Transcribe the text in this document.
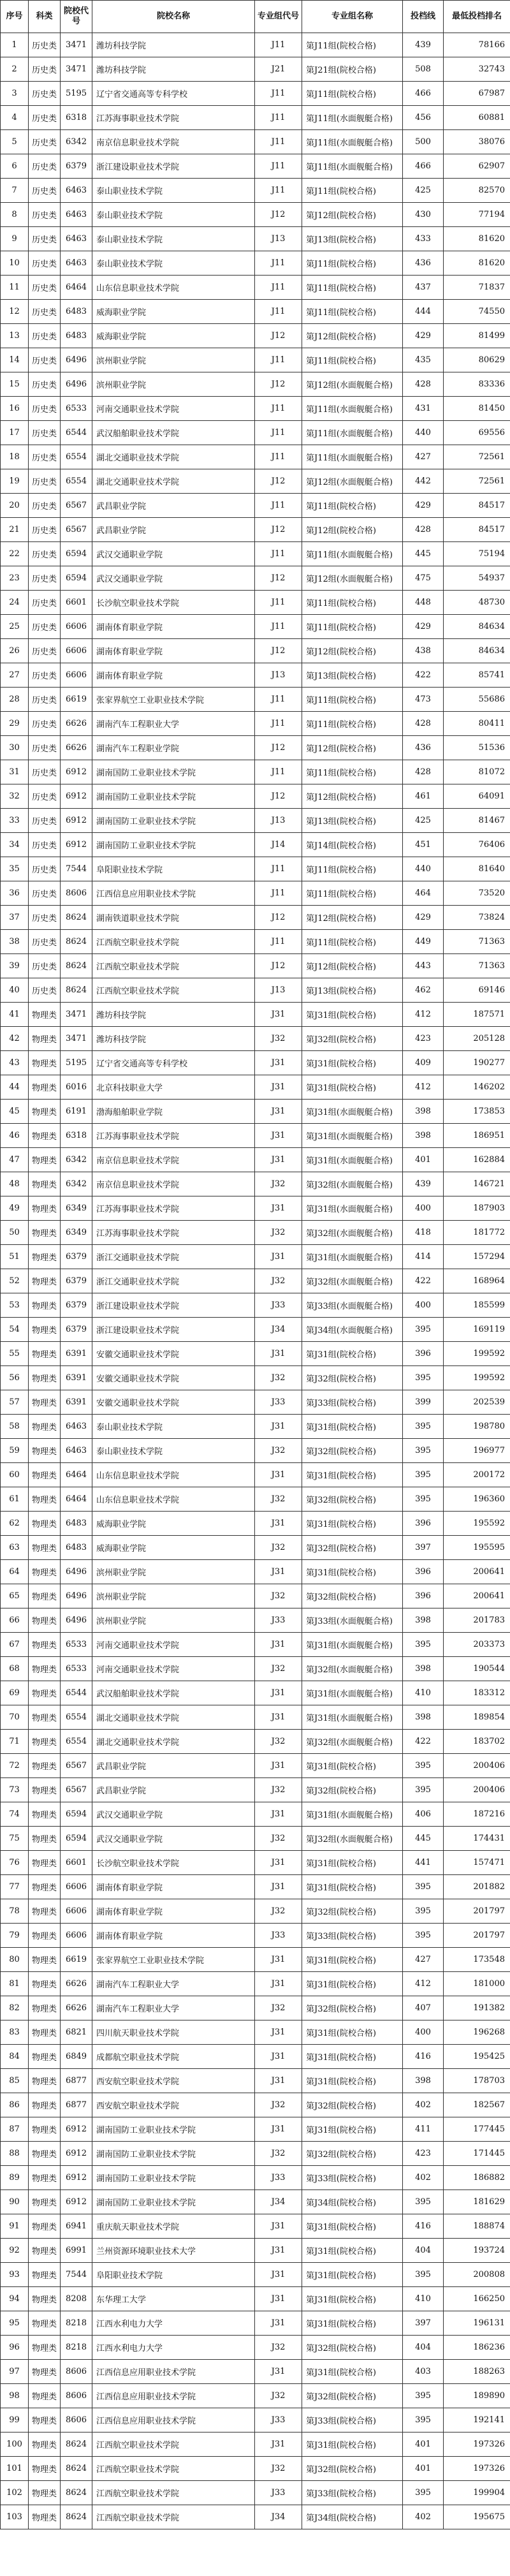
序号	科类	院校代号	院校名称	专业组代号	专业组名称	投档线	最低投档排名
1	历史类	3471	潍坊科技学院	J11	第J11组(院校合格)	439	78166
2	历史类	3471	潍坊科技学院	J21	第J21组(院校合格)	508	32743
3	历史类	5195	辽宁省交通高等专科学校	J11	第J11组(院校合格)	466	67987
4	历史类	6318	江苏海事职业技术学院	J11	第J11组(水面舰艇合格)	456	60881
5	历史类	6342	南京信息职业技术学院	J11	第J11组(水面舰艇合格)	500	38076
6	历史类	6379	浙江建设职业技术学院	J11	第J11组(水面舰艇合格)	466	62907
7	历史类	6463	泰山职业技术学院	J11	第J11组(院校合格)	425	82570
8	历史类	6463	泰山职业技术学院	J12	第J12组(院校合格)	430	77194
9	历史类	6463	泰山职业技术学院	J13	第J13组(院校合格)	433	81620
10	历史类	6463	泰山职业技术学院	J11	第J11组(院校合格)	436	81620
11	历史类	6464	山东信息职业技术学院	J11	第J11组(院校合格)	437	71837
12	历史类	6483	威海职业学院	J11	第J11组(院校合格)	444	74550
13	历史类	6483	威海职业学院	J12	第J12组(院校合格)	429	81499
14	历史类	6496	滨州职业学院	J11	第J11组(院校合格)	435	80629
15	历史类	6496	滨州职业学院	J12	第J12组(水面舰艇合格)	428	83336
16	历史类	6533	河南交通职业技术学院	J11	第J11组(水面舰艇合格)	431	81450
17	历史类	6544	武汉船舶职业技术学院	J11	第J11组(水面舰艇合格)	440	69556
18	历史类	6554	湖北交通职业技术学院	J11	第J11组(水面舰艇合格)	427	72561
19	历史类	6554	湖北交通职业技术学院	J12	第J12组(水面舰艇合格)	442	72561
20	历史类	6567	武昌职业学院	J11	第J11组(院校合格)	429	84517
21	历史类	6567	武昌职业学院	J12	第J12组(院校合格)	428	84517
22	历史类	6594	武汉交通职业学院	J11	第J11组(水面舰艇合格)	445	75194
23	历史类	6594	武汉交通职业学院	J12	第J12组(水面舰艇合格)	475	54937
24	历史类	6601	长沙航空职业技术学院	J11	第J11组(院校合格)	448	48730
25	历史类	6606	湖南体育职业学院	J11	第J11组(院校合格)	429	84634
26	历史类	6606	湖南体育职业学院	J12	第J12组(院校合格)	438	84634
27	历史类	6606	湖南体育职业学院	J13	第J13组(院校合格)	422	85741
28	历史类	6619	张家界航空工业职业技术学院	J11	第J11组(院校合格)	473	55686
29	历史类	6626	湖南汽车工程职业大学	J11	第J11组(院校合格)	428	80411
30	历史类	6626	湖南汽车工程职业学院	J12	第J12组(院校合格)	436	51536
31	历史类	6912	湖南国防工业职业技术学院	J11	第J11组(院校合格)	428	81072
32	历史类	6912	湖南国防工业职业技术学院	J12	第J12组(院校合格)	461	64091
33	历史类	6912	湖南国防工业职业技术学院	J13	第J13组(院校合格)	425	81467
34	历史类	6912	湖南国防工业职业技术学院	J14	第J14组(院校合格)	451	76406
35	历史类	7544	阜阳职业技术学院	J11	第J11组(院校合格)	440	81640
36	历史类	8606	江西信息应用职业技术学院	J11	第J11组(院校合格)	464	73520
37	历史类	8624	湖南铁道职业技术学院	J12	第J12组(院校合格)	429	73824
38	历史类	8624	江西航空职业技术学院	J11	第J11组(院校合格)	449	71363
39	历史类	8624	江西航空职业技术学院	J12	第J12组(院校合格)	443	71363
40	历史类	8624	江西航空职业技术学院	J13	第J13组(院校合格)	462	69146
41	物理类	3471	潍坊科技学院	J31	第J31组(院校合格)	412	187571
42	物理类	3471	潍坊科技学院	J32	第J32组(院校合格)	423	205128
43	物理类	5195	辽宁省交通高等专科学校	J31	第J31组(院校合格)	409	190277
44	物理类	6016	北京科技职业大学	J31	第J31组(院校合格)	412	146202
45	物理类	6191	渤海船舶职业学院	J31	第J31组(水面舰艇合格)	398	173853
46	物理类	6318	江苏海事职业技术学院	J31	第J31组(水面舰艇合格)	398	186951
47	物理类	6342	南京信息职业技术学院	J31	第J31组(水面舰艇合格)	401	162884
48	物理类	6342	南京信息职业技术学院	J32	第J32组(水面舰艇合格)	439	146721
49	物理类	6349	江苏海事职业技术学院	J31	第J31组(水面舰艇合格)	400	187903
50	物理类	6349	江苏海事职业技术学院	J32	第J32组(水面舰艇合格)	418	181772
51	物理类	6379	浙江交通职业技术学院	J31	第J31组(水面舰艇合格)	414	157294
52	物理类	6379	浙江交通职业技术学院	J32	第J32组(水面舰艇合格)	422	168964
53	物理类	6379	浙江建设职业技术学院	J33	第J33组(水面舰艇合格)	400	185599
54	物理类	6379	浙江建设职业技术学院	J34	第J34组(水面舰艇合格)	395	169119
55	物理类	6391	安徽交通职业技术学院	J31	第J31组(院校合格)	396	199592
56	物理类	6391	安徽交通职业技术学院	J32	第J32组(院校合格)	395	199592
57	物理类	6391	安徽交通职业技术学院	J33	第J33组(院校合格)	399	202539
58	物理类	6463	泰山职业技术学院	J31	第J31组(院校合格)	395	198780
59	物理类	6463	泰山职业技术学院	J32	第J32组(院校合格)	395	196977
60	物理类	6464	山东信息职业技术学院	J31	第J31组(院校合格)	395	200172
61	物理类	6464	山东信息职业技术学院	J32	第J32组(院校合格)	395	196360
62	物理类	6483	威海职业学院	J31	第J31组(院校合格)	396	195592
63	物理类	6483	威海职业学院	J32	第J32组(院校合格)	397	195595
64	物理类	6496	滨州职业学院	J31	第J31组(院校合格)	396	200641
65	物理类	6496	滨州职业学院	J32	第J32组(院校合格)	396	200641
66	物理类	6496	滨州职业学院	J33	第J33组(水面舰艇合格)	398	201783
67	物理类	6533	河南交通职业技术学院	J31	第J31组(水面舰艇合格)	395	203373
68	物理类	6533	河南交通职业技术学院	J32	第J32组(水面舰艇合格)	398	190544
69	物理类	6544	武汉船舶职业技术学院	J31	第J31组(水面舰艇合格)	410	183312
70	物理类	6554	湖北交通职业技术学院	J31	第J31组(水面舰艇合格)	398	189854
71	物理类	6554	湖北交通职业技术学院	J32	第J32组(水面舰艇合格)	422	183702
72	物理类	6567	武昌职业学院	J31	第J31组(院校合格)	395	200406
73	物理类	6567	武昌职业学院	J32	第J32组(院校合格)	395	200406
74	物理类	6594	武汉交通职业学院	J31	第J31组(水面舰艇合格)	406	187216
75	物理类	6594	武汉交通职业学院	J32	第J32组(水面舰艇合格)	445	174431
76	物理类	6601	长沙航空职业技术学院	J31	第J31组(院校合格)	441	157471
77	物理类	6606	湖南体育职业学院	J31	第J31组(院校合格)	395	201882
78	物理类	6606	湖南体育职业学院	J32	第J32组(院校合格)	395	201797
79	物理类	6606	湖南体育职业学院	J33	第J33组(院校合格)	395	201797
80	物理类	6619	张家界航空工业职业技术学院	J31	第J31组(院校合格)	427	173548
81	物理类	6626	湖南汽车工程职业大学	J31	第J31组(院校合格)	412	181000
82	物理类	6626	湖南汽车工程职业大学	J32	第J32组(院校合格)	407	191382
83	物理类	6821	四川航天职业技术学院	J31	第J31组(院校合格)	400	196268
84	物理类	6849	成都航空职业技术学院	J31	第J31组(院校合格)	416	195425
85	物理类	6877	西安航空职业技术学院	J31	第J31组(院校合格)	398	178703
86	物理类	6877	西安航空职业技术学院	J32	第J32组(院校合格)	402	182567
87	物理类	6912	湖南国防工业职业技术学院	J31	第J31组(院校合格)	411	177445
88	物理类	6912	湖南国防工业职业技术学院	J32	第J32组(院校合格)	423	171445
89	物理类	6912	湖南国防工业职业技术学院	J33	第J33组(院校合格)	402	186882
90	物理类	6912	湖南国防工业职业技术学院	J34	第J34组(院校合格)	395	181629
91	物理类	6941	重庆航天职业技术学院	J31	第J31组(院校合格)	416	188874
92	物理类	6991	兰州资源环境职业技术大学	J31	第J31组(院校合格)	404	193724
93	物理类	7544	阜阳职业技术学院	J31	第J31组(院校合格)	395	200808
94	物理类	8208	东华理工大学	J31	第J31组(院校合格)	410	166250
95	物理类	8218	江西水利电力大学	J31	第J31组(院校合格)	397	196131
96	物理类	8218	江西水利电力大学	J32	第J32组(院校合格)	404	186236
97	物理类	8606	江西信息应用职业技术学院	J31	第J31组(院校合格)	403	188263
98	物理类	8606	江西信息应用职业技术学院	J32	第J32组(院校合格)	395	189890
99	物理类	8606	江西信息应用职业技术学院	J33	第J33组(院校合格)	395	192141
100	物理类	8624	江西航空职业技术学院	J31	第J31组(院校合格)	401	197326
101	物理类	8624	江西航空职业技术学院	J32	第J32组(院校合格)	401	197326
102	物理类	8624	江西航空职业技术学院	J33	第J33组(院校合格)	395	199904
103	物理类	8624	江西航空职业技术学院	J34	第J34组(院校合格)	402	195675
